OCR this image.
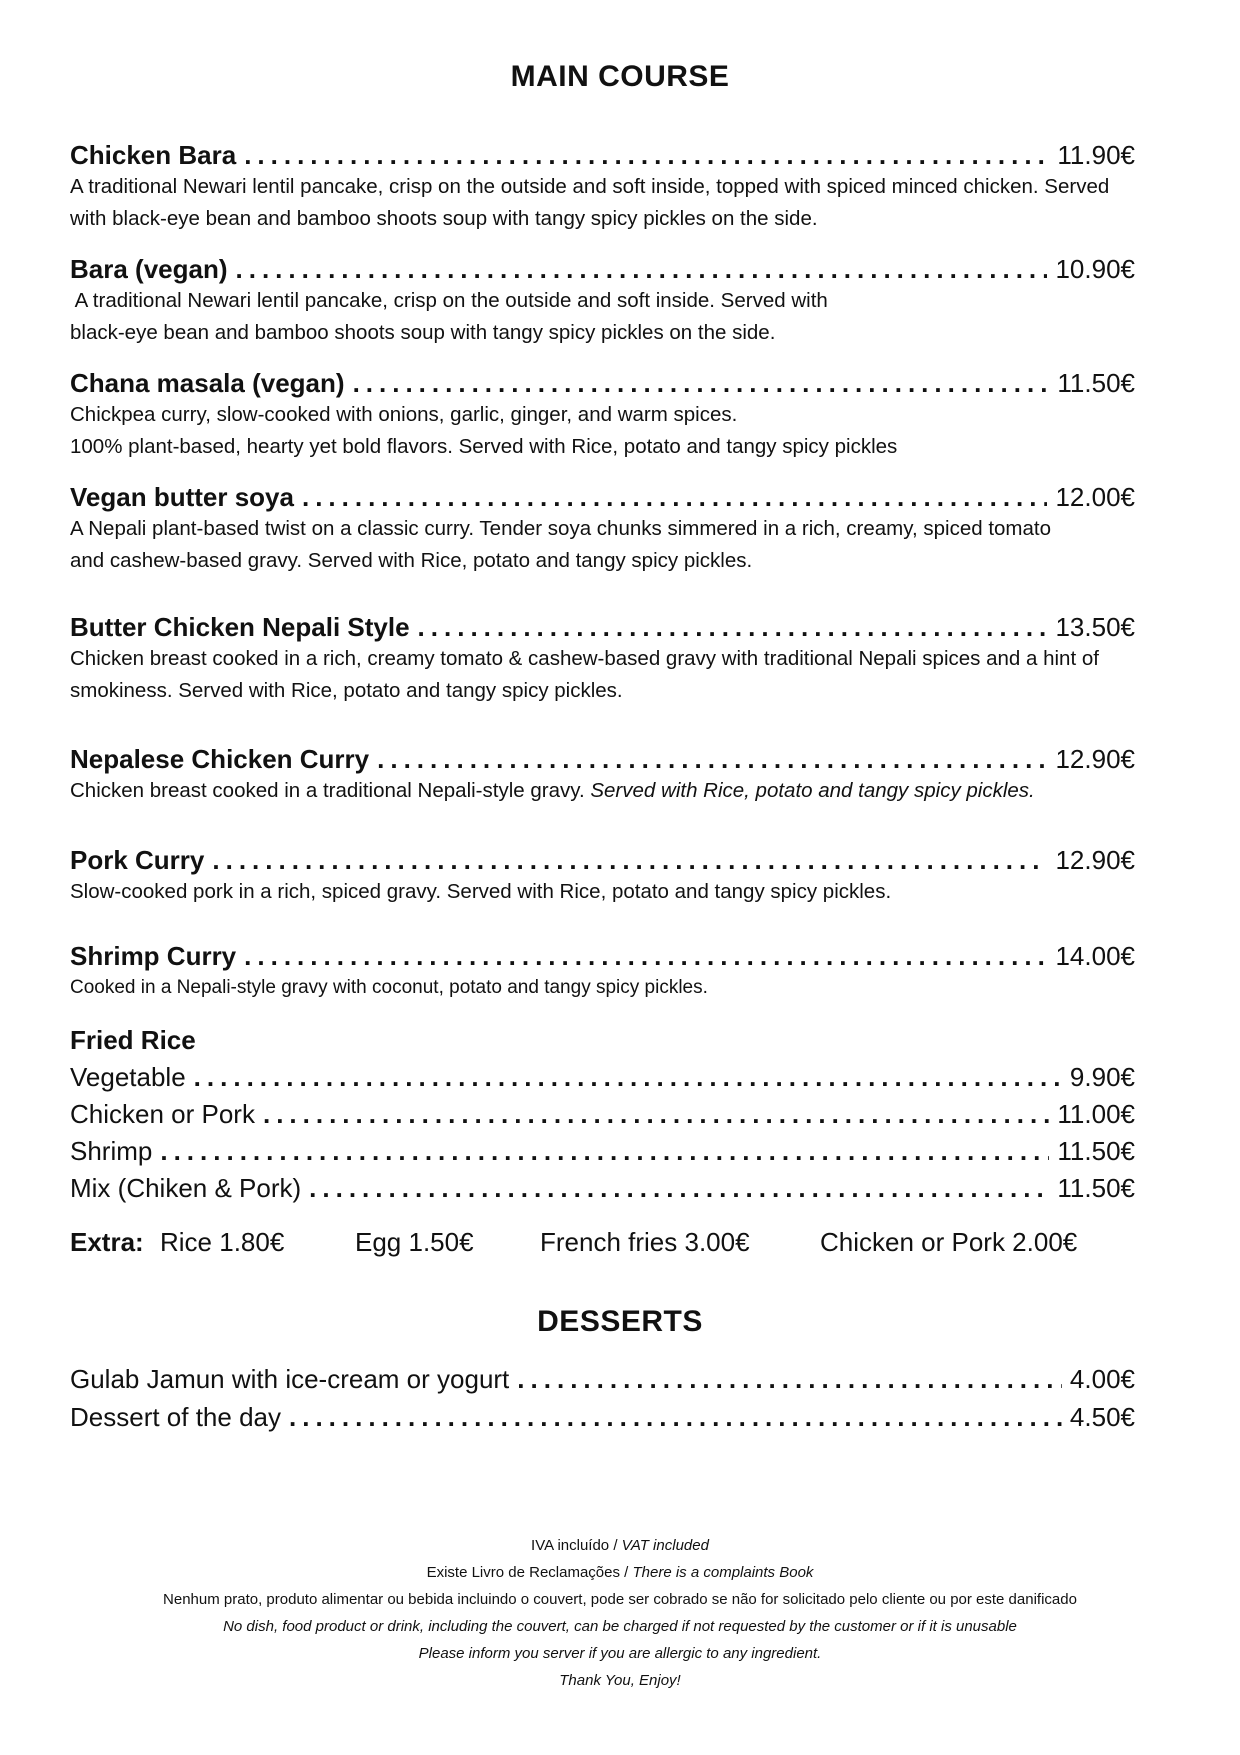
MAIN COURSE
Chicken Bara .....	11.90€

A traditional Newari lentil pancake, crisp on the outside and soft inside, topped with spiced minced chicken. Served

with black-eye bean and bamboo shoots soup with tangy spicy pickles on the side.

Bara (vegan) .....	10.90€

A traditional Newari lentil pancake, crisp on the outside and soft inside. Served with

black-eye bean and bamboo shoots soup with tangy spicy pickles on the side.

Chana masala (vegan) .....	11.50€

Chickpea curry, slow-cooked with onions, garlic, ginger, and warm spices.

100% plant-based, hearty yet bold flavors. Served with Rice, potato and tangy spicy pickles

Vegan butter soya .....	12.00€

A Nepali plant-based twist on a classic curry. Tender soya chunks simmered in a rich, creamy, spiced tomato

and cashew-based gravy. Served with Rice, potato and tangy spicy pickles.

Butter Chicken Nepali Style .....	13.50€

Chicken breast cooked in a rich, creamy tomato & cashew-based gravy with traditional Nepali spices and a hint of

smokiness. Served with Rice, potato and tangy spicy pickles.

Nepalese Chicken Curry .....	12.90€

Chicken breast cooked in a traditional Nepali-style gravy. Served with Rice, potato and tangy spicy pickles.

Pork Curry .....	12.90€

Slow-cooked pork in a rich, spiced gravy. Served with Rice, potato and tangy spicy pickles.

Shrimp Curry .....	14.00€

Cooked in a Nepali-style gravy with coconut, potato and tangy spicy pickles.

Fried Rice
Vegetable .....	9.90€
Chicken or Pork .....	11.00€
Shrimp .....	11.50€
Mix (Chiken & Pork) .....	11.50€
Extra: Rice 1.80€	Egg 1.50€	French fries 3.00€	Chicken or Pork 2.00€
DESSERTS
Gulab Jamun with ice-cream or yogurt .....	4.00€
Dessert of the day .....	4.50€
IVA incluído / VAT included
Existe Livro de Reclamações / There is a complaints Book
Nenhum prato, produto alimentar ou bebida incluindo o couvert, pode ser cobrado se não for solicitado pelo cliente ou por este danificado
No dish, food product or drink, including the couvert, can be charged if not requested by the customer or if it is unusable
Please inform you server if you are allergic to any ingredient.
Thank You, Enjoy!
